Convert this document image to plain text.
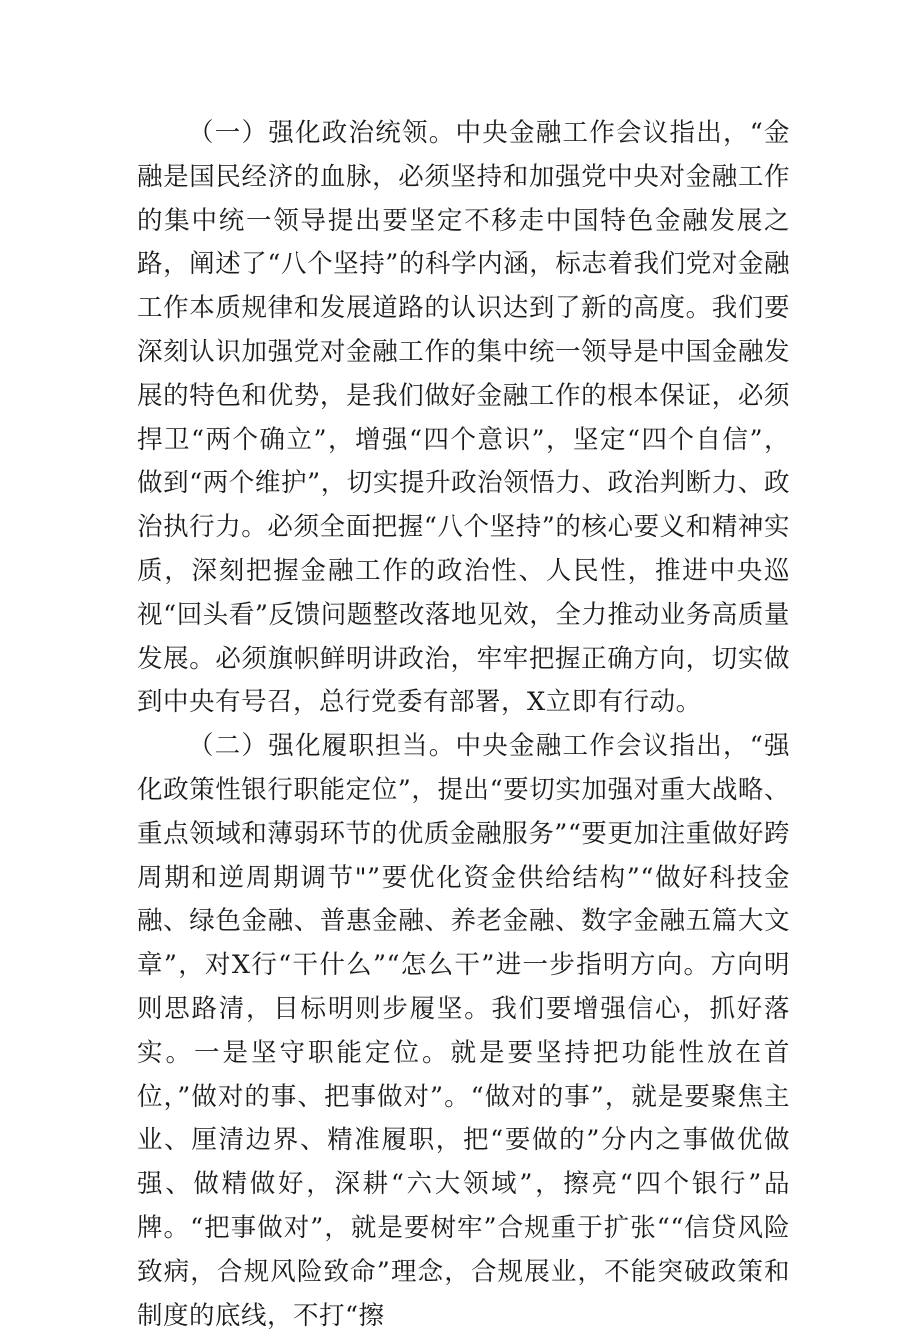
（一）强化政治统领。中央金融工作会议指出，“金融是国民经济的血脉，必须坚持和加强党中央对金融工作的集中统一领导提出要坚定不移走中国特色金融发展之路，阐述了“八个坚持”的科学内涵，标志着我们党对金融工作本质规律和发展道路的认识达到了新的高度。我们要深刻认识加强党对金融工作的集中统一领导是中国金融发展的特色和优势，是我们做好金融工作的根本保证，必须捍卫“两个确立”，增强“四个意识”，坚定“四个自信”，做到“两个维护”，切实提升政治领悟力、政治判断力、政治执行力。必须全面把握“八个坚持”的核心要义和精神实质，深刻把握金融工作的政治性、人民性，推进中央巡视“回头看”反馈问题整改落地见效，全力推动业务高质量发展。必须旗帜鲜明讲政治，牢牢把握正确方向，切实做到中央有号召，总行党委有部署，X立即有行动。

（二）强化履职担当。中央金融工作会议指出，“强化政策性银行职能定位”，提出“要切实加强对重大战略、重点领域和薄弱环节的优质金融服务”“要更加注重做好跨周期和逆周期调节"”要优化资金供给结构”“做好科技金融、绿色金融、普惠金融、养老金融、数字金融五篇大文章”，对X行“干什么”“怎么干”进一步指明方向。方向明则思路清，目标明则步履坚。我们要增强信心，抓好落实。一是坚守职能定位。就是要坚持把功能性放在首位，”做对的事、把事做对”。“做对的事”，就是要聚焦主业、厘清边界、精准履职，把“要做的”分内之事做优做强、做精做好，深耕“六大领域”，擦亮“四个银行”品牌。“把事做对”，就是要树牢”合规重于扩张““信贷风险致病，合规风险致命”理念，合规展业，不能突破政策和制度的底线，不打“擦
